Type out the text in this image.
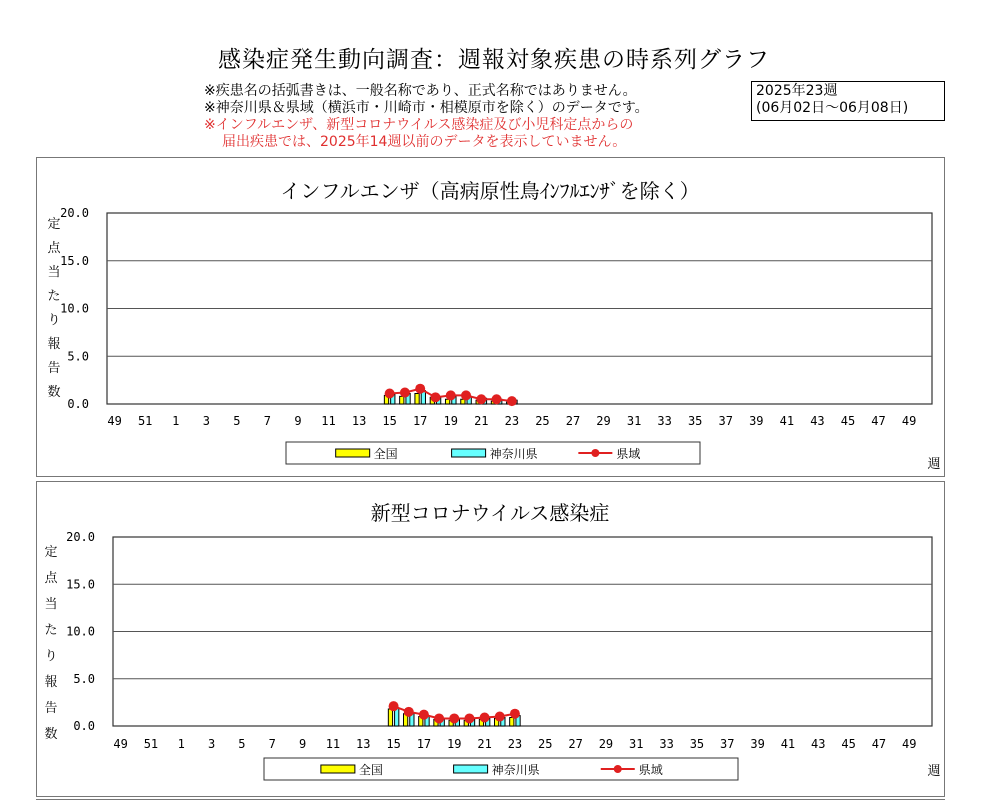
感染症発生動向調査：週報対象疾患の時系列グラフ
※疾患名の括弧書きは、一般名称であり、正式名称ではありません。
※神奈川県＆県域（横浜市・川崎市・相模原市を除く）のデータです。
※インフルエンザ、新型コロナウイルス感染症及び小児科定点からの
届出疾患では、2025年14週以前のデータを表示していません。
2025年23週
(06月02日～06月08日)
インフルエンザ（高病原性鳥ｲﾝﾌﾙｴﾝｻﾞを除く）
20.0
15.0
10.0
5.0
0.0
定
点
当
た
り
報
告
数
49 51 1 3 5 7 9 11 13 15 17 19 21 23 25 27 29 31 33 35 37 39 41 43 45 47 49
全国	神奈川県	県域
週
新型コロナウイルス感染症
20.0
15.0
10.0
5.0
0.0
定
点
当
た
り
報
告
数
49 51 1 3 5 7 9 11 13 15 17 19 21 23 25 27 29 31 33 35 37 39 41 43 45 47 49
全国	神奈川県	県域	週
